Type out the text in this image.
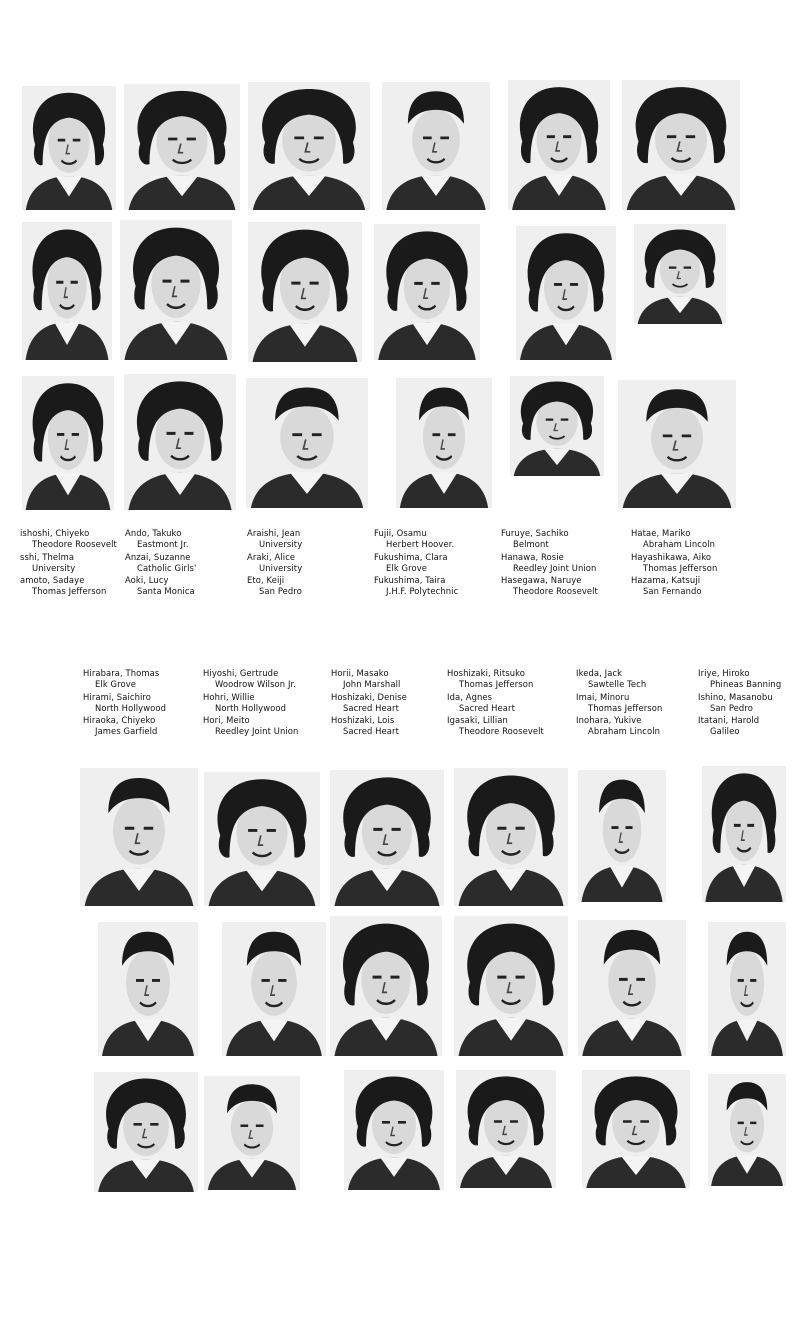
ishoshi, Chiyeko
Theodore Roosevelt
sshi, Thelma
University
amoto, Sadaye
Thomas Jefferson
Ando, Takuko
Eastmont Jr.
Anzai, Suzanne
Catholic Girls'
Aoki, Lucy
Santa Monica
Araishi, Jean
University
Araki, Alice
University
Eto, Keiji
San Pedro
Fujii, Osamu
Herbert Hoover.
Fukushima, Clara
Elk Grove
Fukushima, Taira
J.H.F. Polytechnic
Furuye, Sachiko
Belmont
Hanawa, Rosie
Reedley Joint Union
Hasegawa, Naruye
Theodore Roosevelt
Hatae, Mariko
Abraham Lincoln
Hayashikawa, Aiko
Thomas Jefferson
Hazama, Katsuji
San Fernando
Hirabara, Thomas
Elk Grove
Hirami, Saichiro
North Hollywood
Hiraoka, Chiyeko
James Garfield
Hiyoshi, Gertrude
Woodrow Wilson Jr.
Hohri, Willie
North Hollywood
Hori, Meito
Reedley Joint Union
Horii, Masako
John Marshall
Hoshizaki, Denise
Sacred Heart
Hoshizaki, Lois
Sacred Heart
Hoshizaki, Ritsuko
Thomas Jefferson
Ida, Agnes
Sacred Heart
Igasaki, Lillian
Theodore Roosevelt
Ikeda, Jack
Sawtelle Tech
Imai, Minoru
Thomas Jefferson
Inohara, Yukive
Abraham Lincoln
Iriye, Hiroko
Phineas Banning
Ishino, Masanobu
San Pedro
Itatani, Harold
Galileo
